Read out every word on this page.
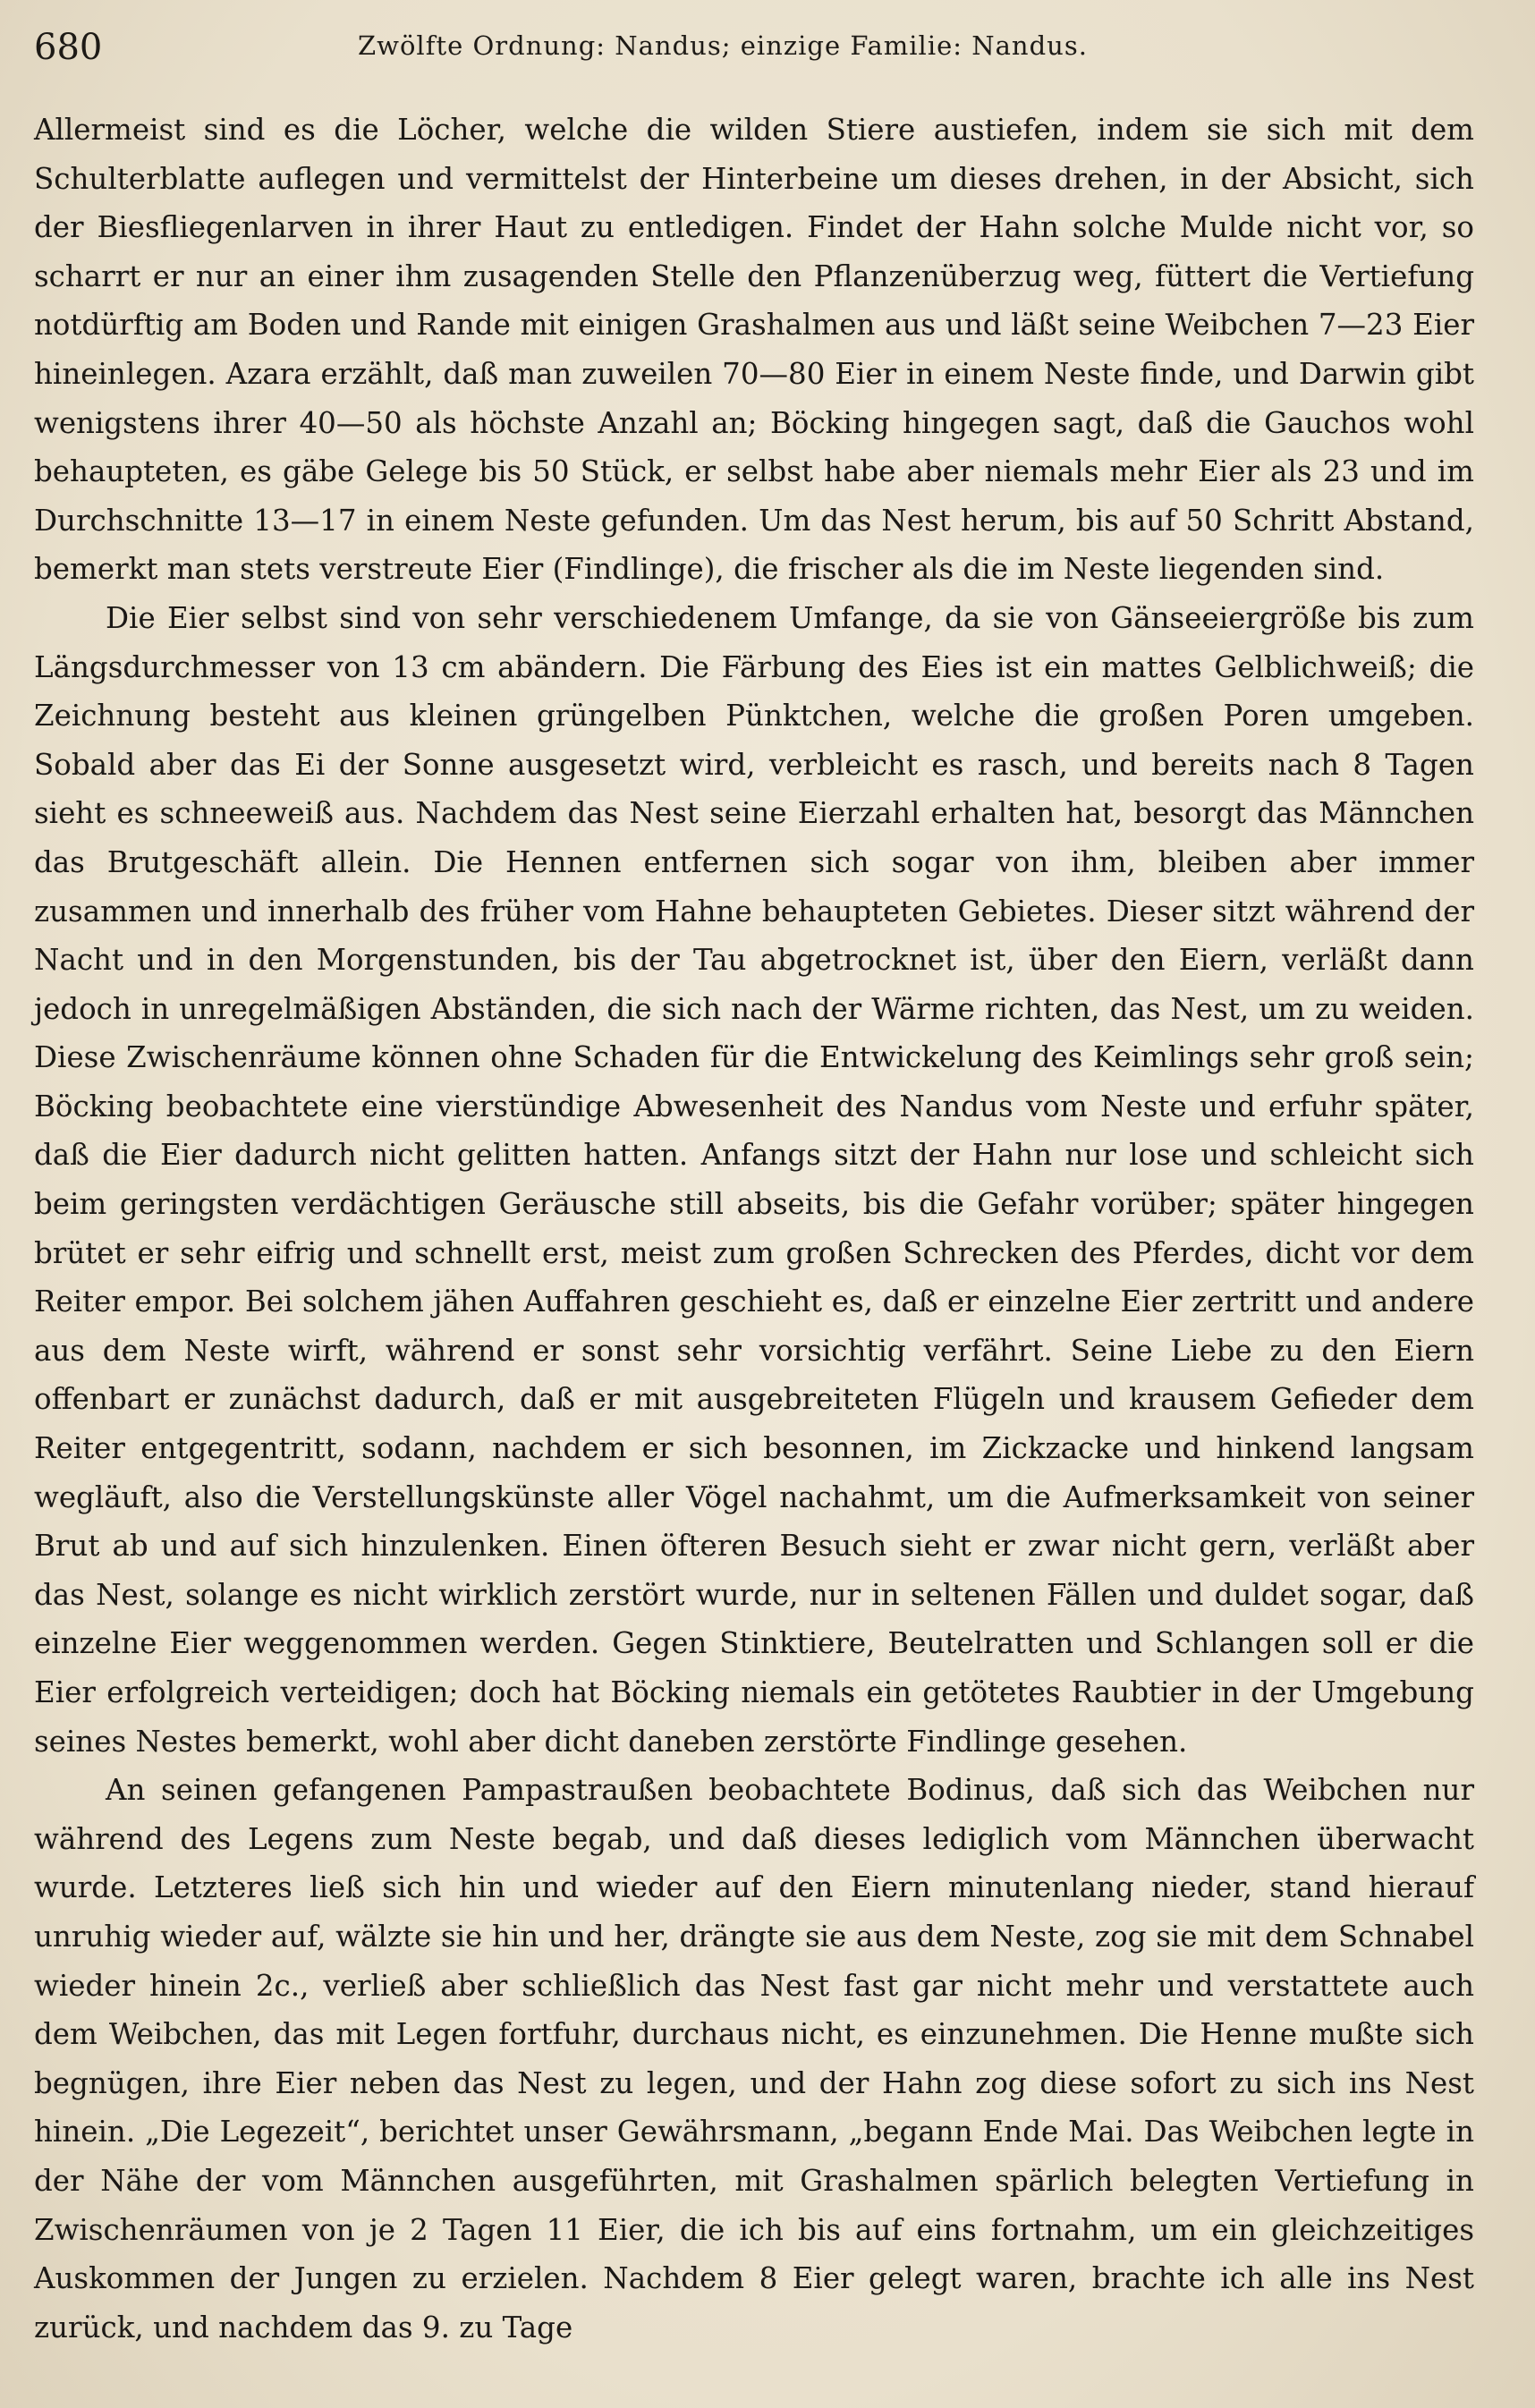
680	Zwölfte Ordnung: Nandus; einzige Familie: Nandus.

Allermeist sind es die Löcher, welche die wilden Stiere austiefen, indem sie sich mit dem Schulterblatte auflegen und vermittelst der Hinterbeine um dieses drehen, in der Absicht, sich der Biesfliegenlarven in ihrer Haut zu entledigen. Findet der Hahn solche Mulde nicht vor, so scharrt er nur an einer ihm zusagenden Stelle den Pflanzenüberzug weg, füttert die Vertiefung notdürftig am Boden und Rande mit einigen Grashalmen aus und läßt seine Weibchen 7—23 Eier hineinlegen. Azara erzählt, daß man zuweilen 70—80 Eier in einem Neste finde, und Darwin gibt wenigstens ihrer 40—50 als höchste Anzahl an; Böcking hingegen sagt, daß die Gauchos wohl behaupteten, es gäbe Gelege bis 50 Stück, er selbst habe aber niemals mehr Eier als 23 und im Durchschnitte 13—17 in einem Neste gefunden. Um das Nest herum, bis auf 50 Schritt Abstand, bemerkt man stets verstreute Eier (Findlinge), die frischer als die im Neste liegenden sind.

Die Eier selbst sind von sehr verschiedenem Umfange, da sie von Gänseeiergröße bis zum Längsdurchmesser von 13 cm abändern. Die Färbung des Eies ist ein mattes Gelblichweiß; die Zeichnung besteht aus kleinen grüngelben Pünktchen, welche die großen Poren umgeben. Sobald aber das Ei der Sonne ausgesetzt wird, verbleicht es rasch, und bereits nach 8 Tagen sieht es schneeweiß aus. Nachdem das Nest seine Eierzahl erhalten hat, besorgt das Männchen das Brutgeschäft allein. Die Hennen entfernen sich sogar von ihm, bleiben aber immer zusammen und innerhalb des früher vom Hahne behaupteten Gebietes. Dieser sitzt während der Nacht und in den Morgenstunden, bis der Tau abgetrocknet ist, über den Eiern, verläßt dann jedoch in unregelmäßigen Abständen, die sich nach der Wärme richten, das Nest, um zu weiden. Diese Zwischenräume können ohne Schaden für die Entwickelung des Keimlings sehr groß sein; Böcking beobachtete eine vierstündige Abwesenheit des Nandus vom Neste und erfuhr später, daß die Eier dadurch nicht gelitten hatten. Anfangs sitzt der Hahn nur lose und schleicht sich beim geringsten verdächtigen Geräusche still abseits, bis die Gefahr vorüber; später hingegen brütet er sehr eifrig und schnellt erst, meist zum großen Schrecken des Pferdes, dicht vor dem Reiter empor. Bei solchem jähen Auffahren geschieht es, daß er einzelne Eier zertritt und andere aus dem Neste wirft, während er sonst sehr vorsichtig verfährt. Seine Liebe zu den Eiern offenbart er zunächst dadurch, daß er mit ausgebreiteten Flügeln und krausem Gefieder dem Reiter entgegentritt, sodann, nachdem er sich besonnen, im Zickzacke und hinkend langsam wegläuft, also die Verstellungskünste aller Vögel nachahmt, um die Aufmerksamkeit von seiner Brut ab und auf sich hinzulenken. Einen öfteren Besuch sieht er zwar nicht gern, verläßt aber das Nest, solange es nicht wirklich zerstört wurde, nur in seltenen Fällen und duldet sogar, daß einzelne Eier weggenommen werden. Gegen Stinktiere, Beutelratten und Schlangen soll er die Eier erfolgreich verteidigen; doch hat Böcking niemals ein getötetes Raubtier in der Umgebung seines Nestes bemerkt, wohl aber dicht daneben zerstörte Findlinge gesehen.

An seinen gefangenen Pampastraußen beobachtete Bodinus, daß sich das Weibchen nur während des Legens zum Neste begab, und daß dieses lediglich vom Männchen überwacht wurde. Letzteres ließ sich hin und wieder auf den Eiern minutenlang nieder, stand hierauf unruhig wieder auf, wälzte sie hin und her, drängte sie aus dem Neste, zog sie mit dem Schnabel wieder hinein 2c., verließ aber schließlich das Nest fast gar nicht mehr und verstattete auch dem Weibchen, das mit Legen fortfuhr, durchaus nicht, es einzunehmen. Die Henne mußte sich begnügen, ihre Eier neben das Nest zu legen, und der Hahn zog diese sofort zu sich ins Nest hinein. „Die Legezeit“, berichtet unser Gewährsmann, „begann Ende Mai. Das Weibchen legte in der Nähe der vom Männchen ausgeführten, mit Grashalmen spärlich belegten Vertiefung in Zwischenräumen von je 2 Tagen 11 Eier, die ich bis auf eins fortnahm, um ein gleichzeitiges Auskommen der Jungen zu erzielen. Nachdem 8 Eier gelegt waren, brachte ich alle ins Nest zurück, und nachdem das 9. zu Tage
